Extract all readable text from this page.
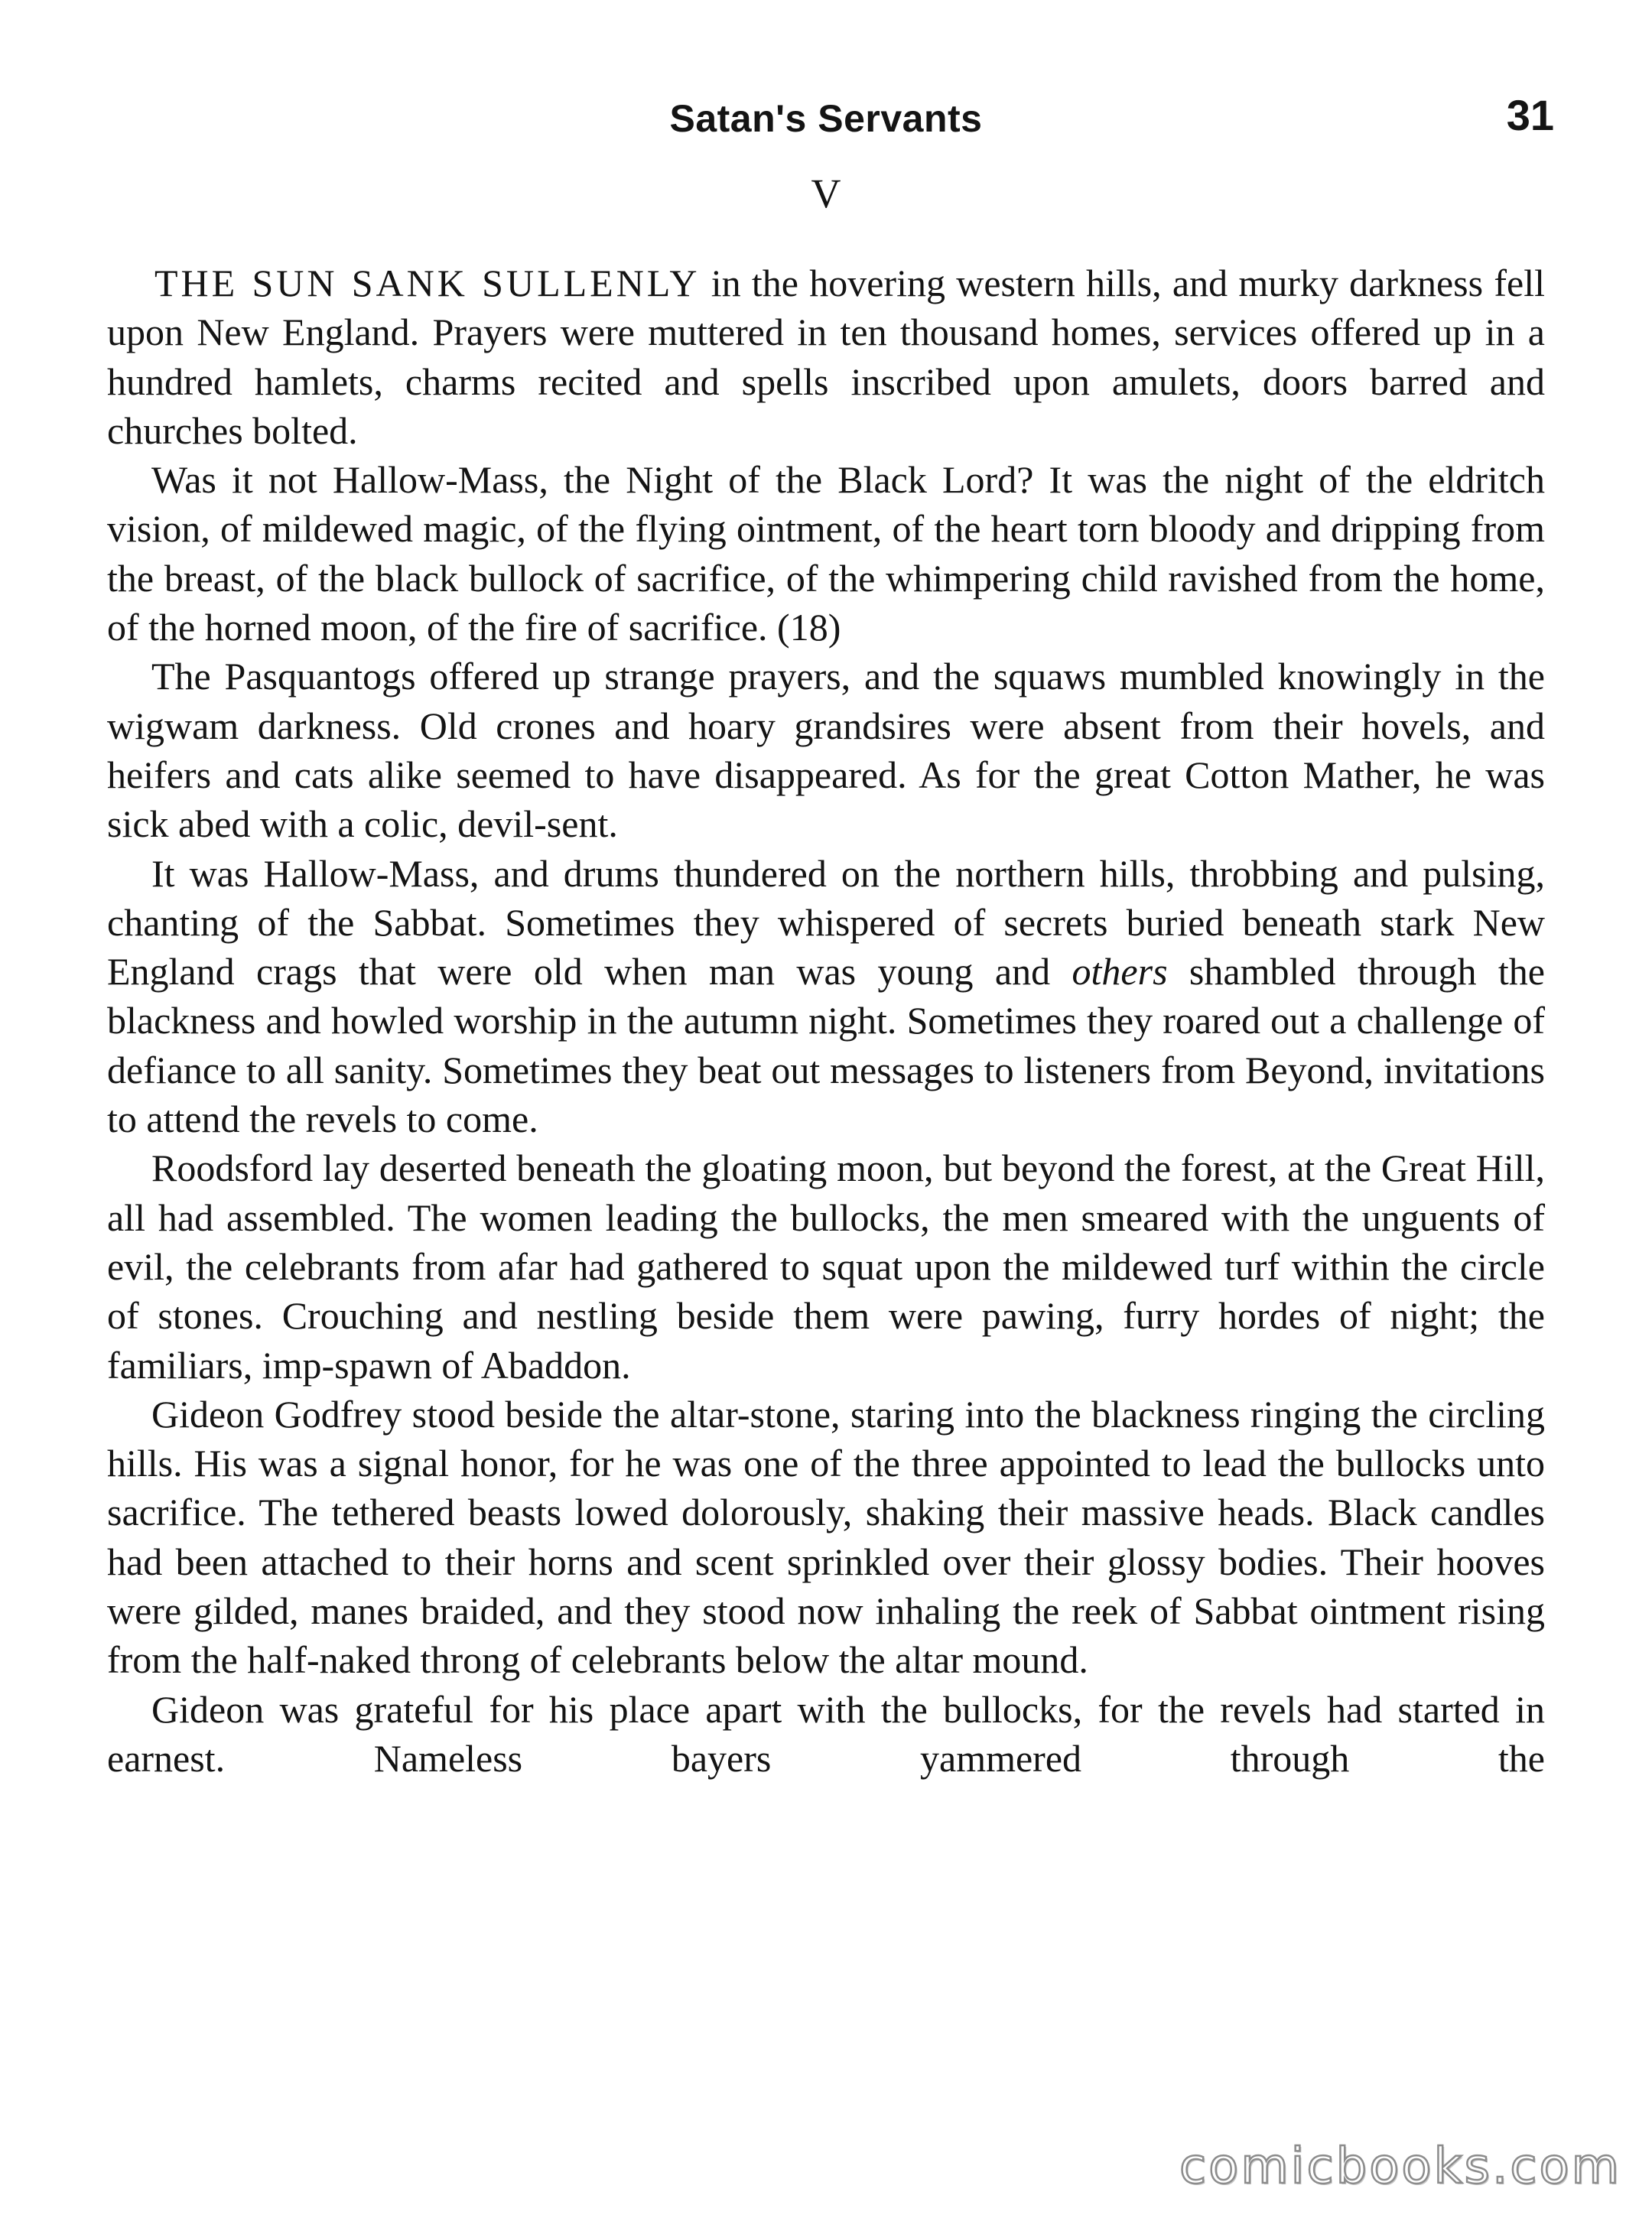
Satan's Servants	31
V

THE SUN SANK SULLENLY in the hovering western hills, and murky darkness fell upon New England. Prayers were muttered in ten thousand homes, services offered up in a hundred hamlets, charms recited and spells inscribed upon amulets, doors barred and churches bolted.

Was it not Hallow-Mass, the Night of the Black Lord? It was the night of the eldritch vision, of mildewed magic, of the flying ointment, of the heart torn bloody and dripping from the breast, of the black bullock of sacrifice, of the whimpering child ravished from the home, of the horned moon, of the fire of sacrifice. (18)

The Pasquantogs offered up strange prayers, and the squaws mumbled knowingly in the wigwam darkness. Old crones and hoary grandsires were absent from their hovels, and heifers and cats alike seemed to have disappeared. As for the great Cotton Mather, he was sick abed with a colic, devil-sent.

It was Hallow-Mass, and drums thundered on the northern hills, throbbing and pulsing, chanting of the Sabbat. Sometimes they whispered of secrets buried beneath stark New England crags that were old when man was young and others shambled through the blackness and howled worship in the autumn night. Sometimes they roared out a challenge of defiance to all sanity. Sometimes they beat out messages to listeners from Beyond, invitations to attend the revels to come.

Roodsford lay deserted beneath the gloating moon, but beyond the forest, at the Great Hill, all had assembled. The women leading the bullocks, the men smeared with the unguents of evil, the celebrants from afar had gathered to squat upon the mildewed turf within the circle of stones. Crouching and nestling beside them were pawing, furry hordes of night; the familiars, imp-spawn of Abaddon.

Gideon Godfrey stood beside the altar-stone, staring into the blackness ringing the circling hills. His was a signal honor, for he was one of the three appointed to lead the bullocks unto sacrifice. The tethered beasts lowed dolorously, shaking their massive heads. Black candles had been attached to their horns and scent sprinkled over their glossy bodies. Their hooves were gilded, manes braided, and they stood now inhaling the reek of Sabbat ointment rising from the half-naked throng of celebrants below the altar mound.

Gideon was grateful for his place apart with the bullocks, for the revels had started in earnest. Nameless bayers yammered through the

comicbooks.com
